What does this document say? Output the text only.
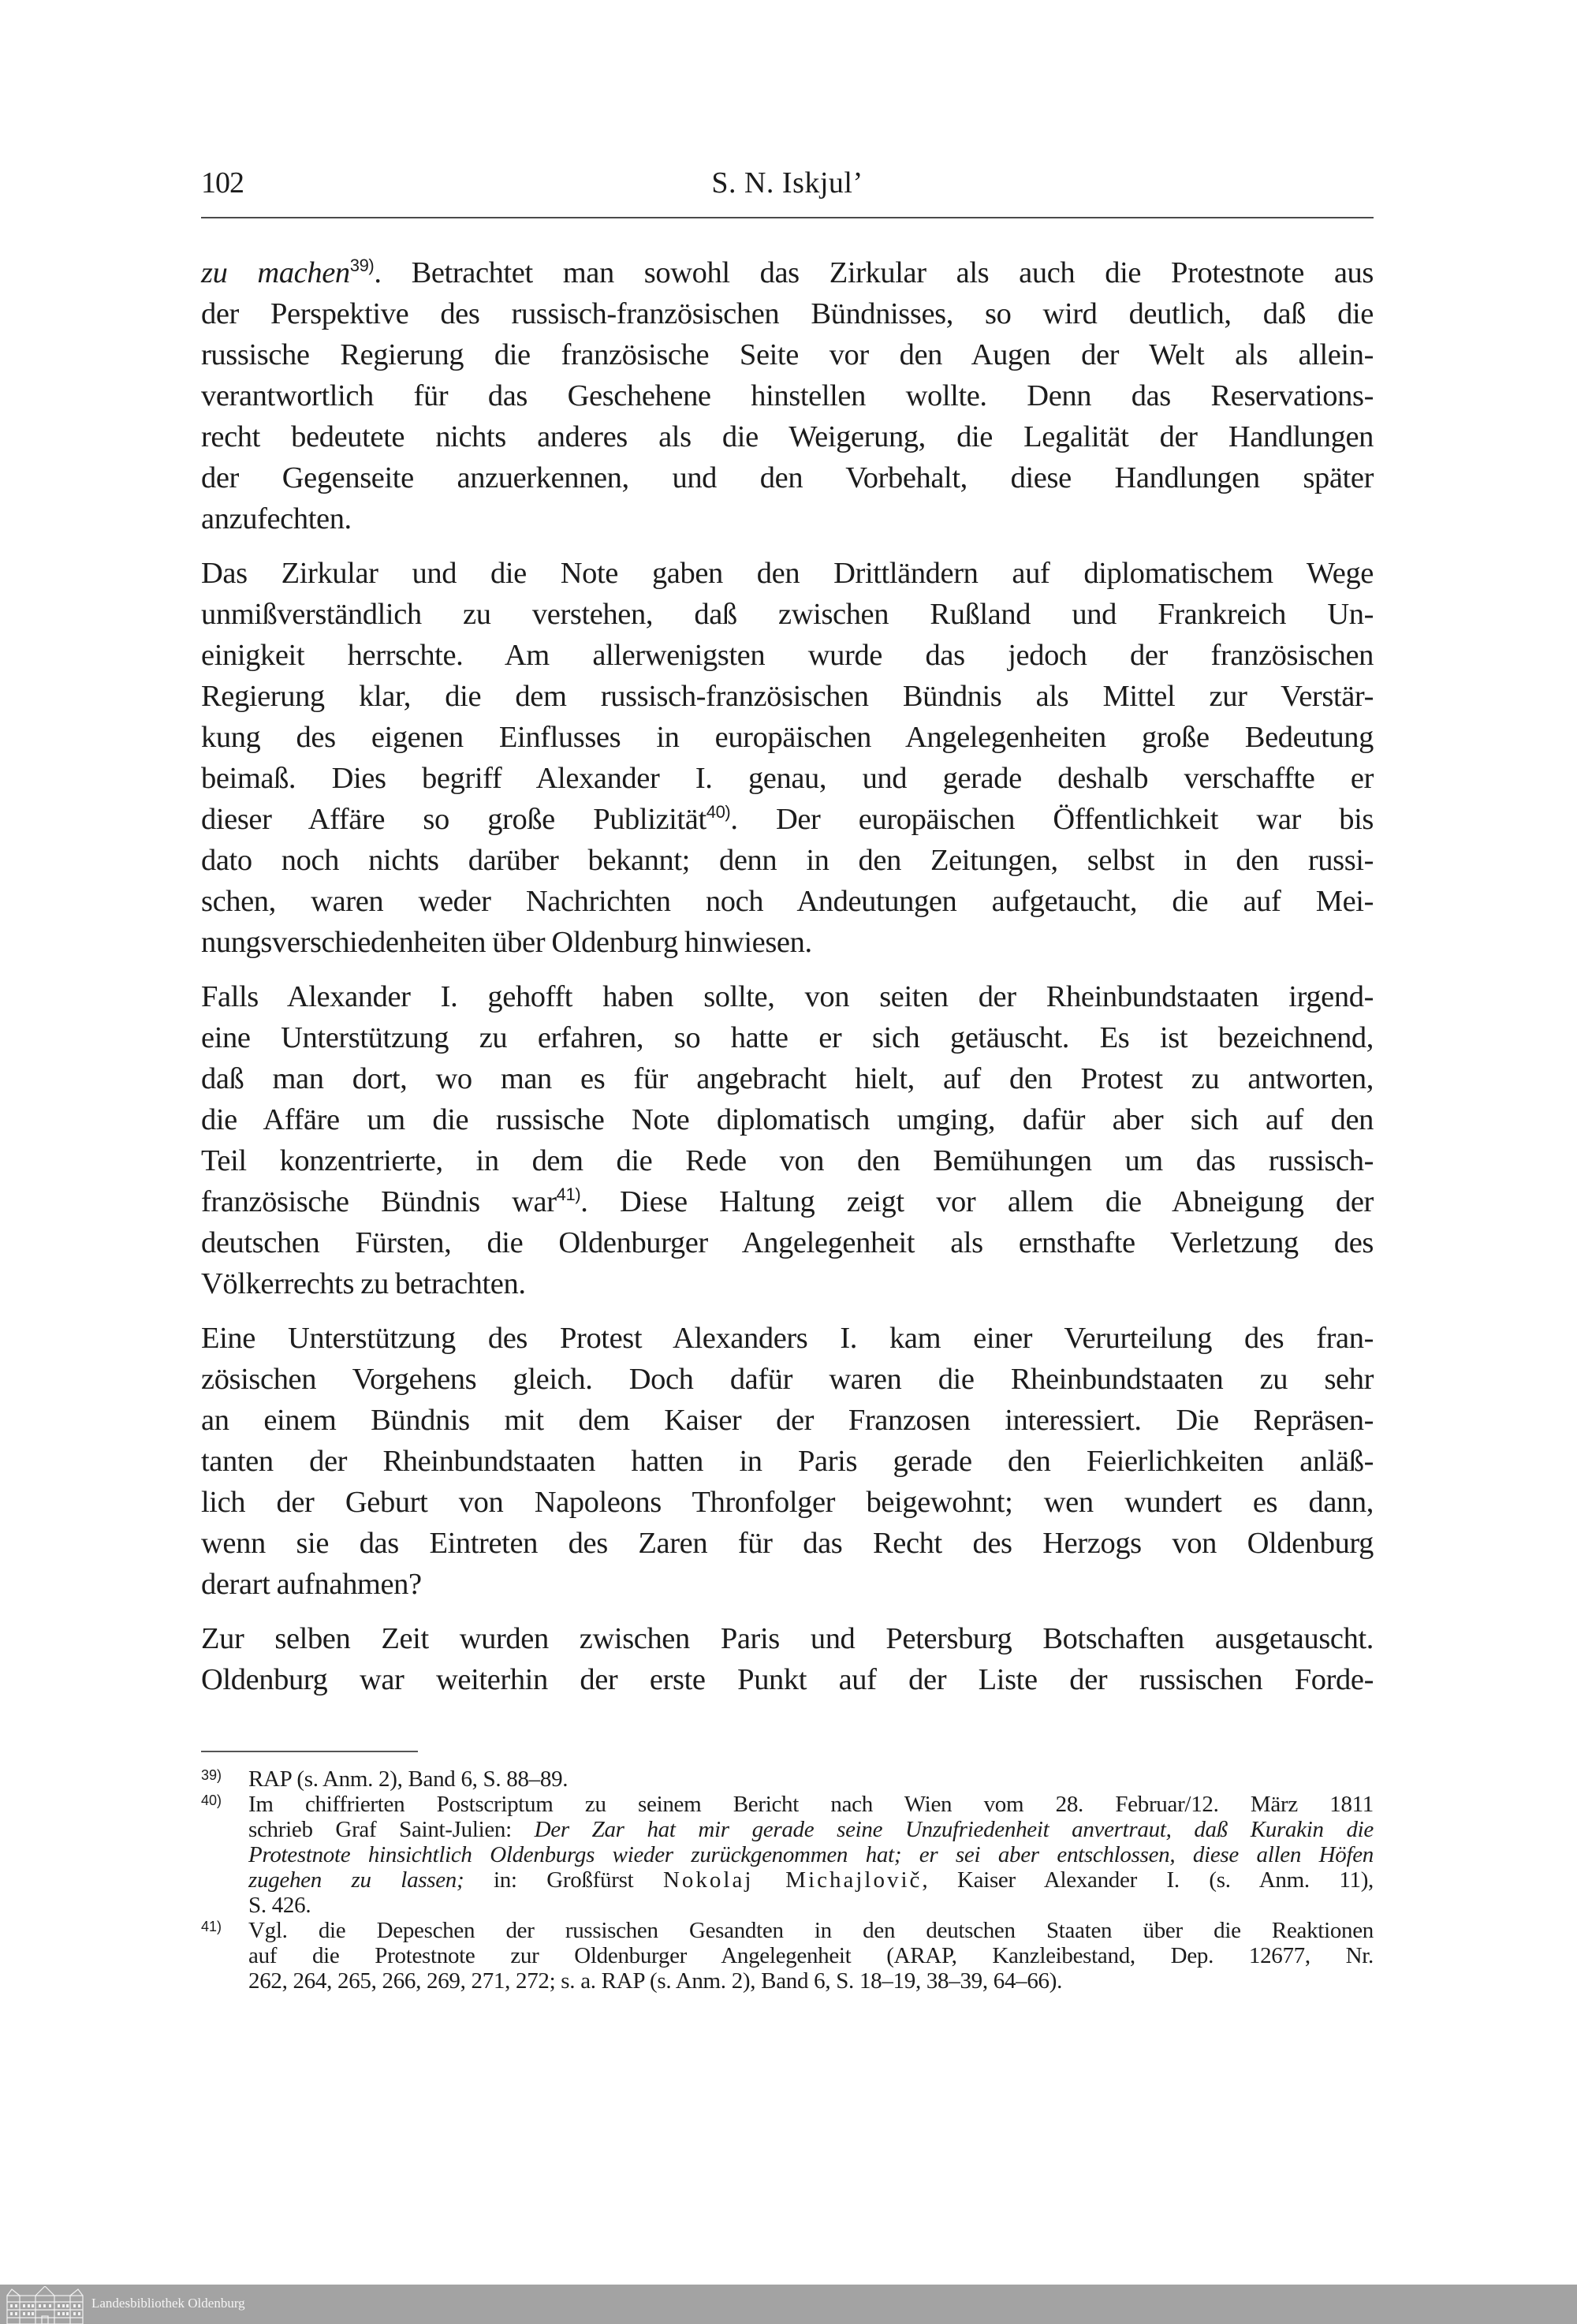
102	S. N. Iskjul’
zu machen$^{39)}$. Betrachtet man sowohl das Zirkular als auch die Protestnote aus
der Perspektive des russisch-französischen Bündnisses, so wird deutlich, daß die
russische Regierung die französische Seite vor den Augen der Welt als allein-
verantwortlich für das Geschehene hinstellen wollte. Denn das Reservations-
recht bedeutete nichts anderes als die Weigerung, die Legalität der Handlungen
der Gegenseite anzuerkennen, und den Vorbehalt, diese Handlungen später
anzufechten.
Das Zirkular und die Note gaben den Drittländern auf diplomatischem Wege
unmißverständlich zu verstehen, daß zwischen Rußland und Frankreich Un-
einigkeit herrschte. Am allerwenigsten wurde das jedoch der französischen
Regierung klar, die dem russisch-französischen Bündnis als Mittel zur Verstär-
kung des eigenen Einflusses in europäischen Angelegenheiten große Bedeutung
beimaß. Dies begriff Alexander I. genau, und gerade deshalb verschaffte er
dieser Affäre so große Publizität$^{40)}$. Der europäischen Öffentlichkeit war bis
dato noch nichts darüber bekannt; denn in den Zeitungen, selbst in den russi-
schen, waren weder Nachrichten noch Andeutungen aufgetaucht, die auf Mei-
nungsverschiedenheiten über Oldenburg hinwiesen.
Falls Alexander I. gehofft haben sollte, von seiten der Rheinbundstaaten irgend-
eine Unterstützung zu erfahren, so hatte er sich getäuscht. Es ist bezeichnend,
daß man dort, wo man es für angebracht hielt, auf den Protest zu antworten,
die Affäre um die russische Note diplomatisch umging, dafür aber sich auf den
Teil konzentrierte, in dem die Rede von den Bemühungen um das russisch-
französische Bündnis war$^{41)}$. Diese Haltung zeigt vor allem die Abneigung der
deutschen Fürsten, die Oldenburger Angelegenheit als ernsthafte Verletzung des
Völkerrechts zu betrachten.
Eine Unterstützung des Protest Alexanders I. kam einer Verurteilung des fran-
zösischen Vorgehens gleich. Doch dafür waren die Rheinbundstaaten zu sehr
an einem Bündnis mit dem Kaiser der Franzosen interessiert. Die Repräsen-
tanten der Rheinbundstaaten hatten in Paris gerade den Feierlichkeiten anläß-
lich der Geburt von Napoleons Thronfolger beigewohnt; wen wundert es dann,
wenn sie das Eintreten des Zaren für das Recht des Herzogs von Oldenburg
derart aufnahmen?
Zur selben Zeit wurden zwischen Paris und Petersburg Botschaften ausgetauscht.
Oldenburg war weiterhin der erste Punkt auf der Liste der russischen Forde-
$^{39)}$ RAP (s. Anm. 2), Band 6, S. 88–89.
$^{40)}$ Im chiffrierten Postscriptum zu seinem Bericht nach Wien vom 28. Februar/12. März 1811
schrieb Graf Saint-Julien: Der Zar hat mir gerade seine Unzufriedenheit anvertraut, daß Kurakin die
Protestnote hinsichtlich Oldenburgs wieder zurückgenommen hat; er sei aber entschlossen, diese allen Höfen
zugehen zu lassen; in: Großfürst Nokolaj Michajlovič, Kaiser Alexander I. (s. Anm. 11),
S. 426.
$^{41)}$ Vgl. die Depeschen der russischen Gesandten in den deutschen Staaten über die Reaktionen
auf die Protestnote zur Oldenburger Angelegenheit (ARAP, Kanzleibestand, Dep. 12677, Nr.
262, 264, 265, 266, 269, 271, 272; s. a. RAP (s. Anm. 2), Band 6, S. 18–19, 38–39, 64–66).
Landesbibliothek Oldenburg
